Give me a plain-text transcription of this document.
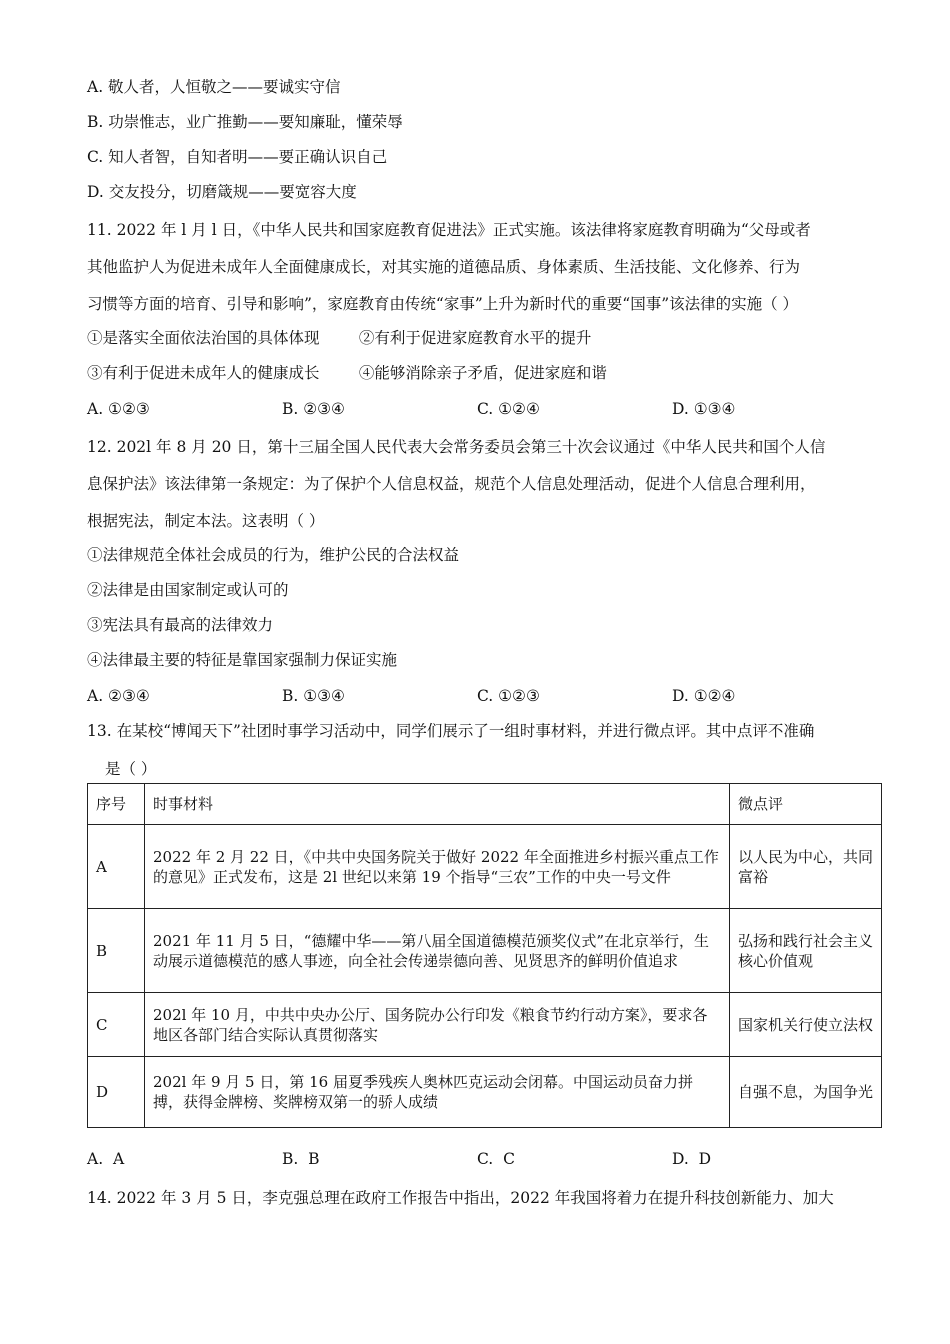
A. 敬人者，人恒敬之——要诚实守信
B. 功崇惟志，业广推勤——要知廉耻，懂荣辱
C. 知人者智，自知者明——要正确认识自己
D. 交友投分，切磨箴规——要宽容大度
11. 2022 年 l 月 l 日，《中华人民共和国家庭教育促进法》正式实施。该法律将家庭教育明确为“父母或者
其他监护人为促进未成年人全面健康成长，对其实施的道德品质、身体素质、生活技能、文化修养、行为
习惯等方面的培育、引导和影响”，家庭教育由传统“家事”上升为新时代的重要“国事”该法律的实施（ ）
①是落实全面依法治国的具体体现        ②有利于促进家庭教育水平的提升
③有利于促进未成年人的健康成长        ④能够消除亲子矛盾，促进家庭和谐
A. ①②③	B. ②③④	C. ①②④	D. ①③④
12. 202l 年 8 月 20 日，第十三届全国人民代表大会常务委员会第三十次会议通过《中华人民共和国个人信
息保护法》该法律第一条规定：为了保护个人信息权益，规范个人信息处理活动，促进个人信息合理利用，
根据宪法，制定本法。这表明（ ）
①法律规范全体社会成员的行为，维护公民的合法权益
②法律是由国家制定或认可的
③宪法具有最高的法律效力
④法律最主要的特征是靠国家强制力保证实施
A. ②③④	B. ①③④	C. ①②③	D. ①②④
13. 在某校“博闻天下”社团时事学习活动中，同学们展示了一组时事材料，并进行微点评。其中点评不准确
是（ ）
序号	时事材料	微点评
A	2022 年 2 月 22 日，《中共中央国务院关于做好 2022 年全面推进乡村振兴重点工作的意见》正式发布，这是 2l 世纪以来第 19 个指导“三农”工作的中央一号文件	以人民为中心，共同富裕
B	2021 年 11 月 5 日，“德耀中华——第八届全国道德模范颁奖仪式”在北京举行，生动展示道德模范的感人事迹，向全社会传递崇德向善、见贤思齐的鲜明价值追求	弘扬和践行社会主义核心价值观
C	202l 年 10 月，中共中央办公厅、国务院办公行印发《粮食节约行动方案》，要求各地区各部门结合实际认真贯彻落实	国家机关行使立法权
D	202l 年 9 月 5 日，第 16 届夏季残疾人奥林匹克运动会闭幕。中国运动员奋力拼搏，获得金牌榜、奖牌榜双第一的骄人成绩	自强不息，为国争光
A.  A	B.  B	C.  C	D.  D
14. 2022 年 3 月 5 日，李克强总理在政府工作报告中指出，2022 年我国将着力在提升科技创新能力、加大
